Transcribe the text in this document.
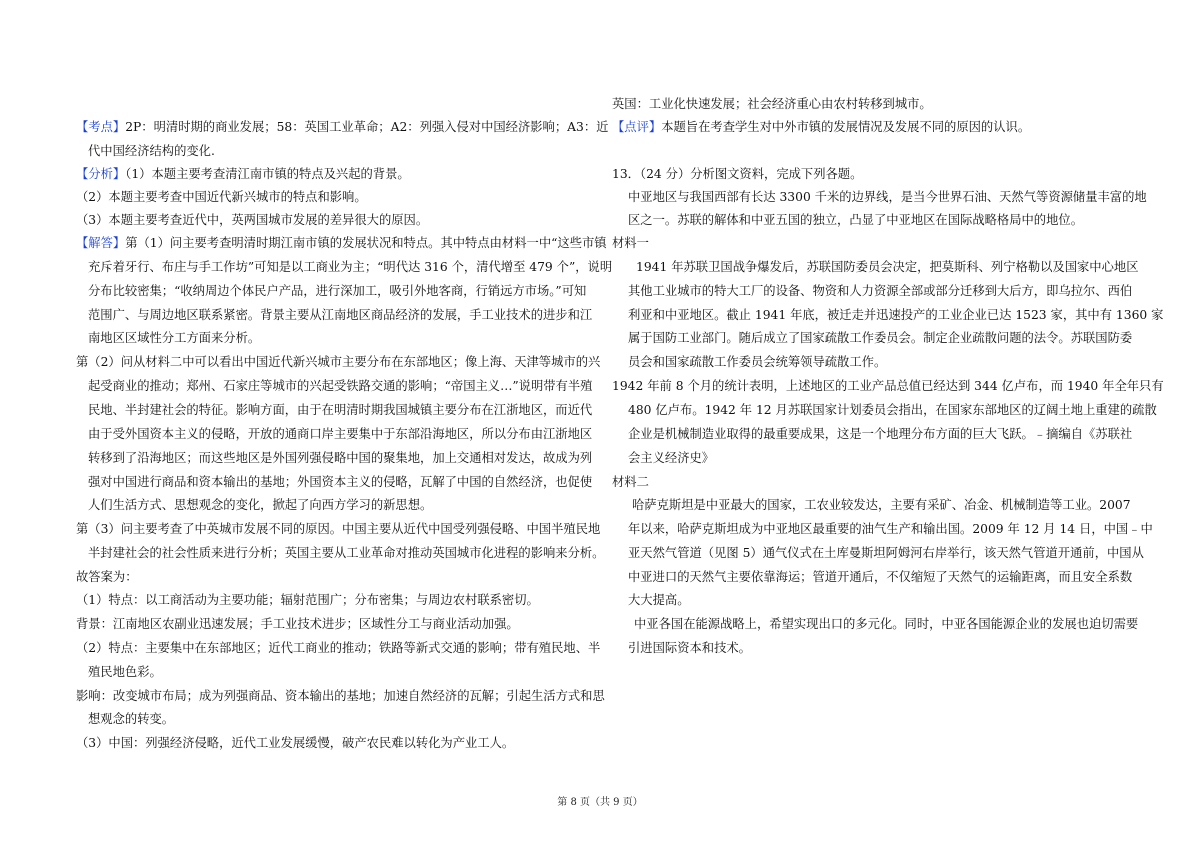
【考点】2P：明清时期的商业发展；58：英国工业革命；A2：列强入侵对中国经济影响；A3：近
代中国经济结构的变化.
【分析】（1）本题主要考查清江南市镇的特点及兴起的背景。
（2）本题主要考查中国近代新兴城市的特点和影响。
（3）本题主要考查近代中，英两国城市发展的差异很大的原因。
【解答】第（1）问主要考查明清时期江南市镇的发展状况和特点。其中特点由材料一中“这些市镇
充斥着牙行、布庄与手工作坊”可知是以工商业为主；“明代达 316 个，清代增至 479 个”，说明
分布比较密集；“收纳周边个体民户产品，进行深加工，吸引外地客商，行销远方市场。”可知
范围广、与周边地区联系紧密。背景主要从江南地区商品经济的发展，手工业技术的进步和江
南地区区域性分工方面来分析。
第（2）问从材料二中可以看出中国近代新兴城市主要分布在东部地区；像上海、天津等城市的兴
起受商业的推动；郑州、石家庄等城市的兴起受铁路交通的影响；“帝国主义…”说明带有半殖
民地、半封建社会的特征。影响方面，由于在明清时期我国城镇主要分布在江浙地区，而近代
由于受外国资本主义的侵略，开放的通商口岸主要集中于东部沿海地区，所以分布由江浙地区
转移到了沿海地区；而这些地区是外国列强侵略中国的聚集地，加上交通相对发达，故成为列
强对中国进行商品和资本输出的基地；外国资本主义的侵略，瓦解了中国的自然经济，也促使
人们生活方式、思想观念的变化，掀起了向西方学习的新思想。
第（3）问主要考查了中英城市发展不同的原因。中国主要从近代中国受列强侵略、中国半殖民地
半封建社会的社会性质来进行分析；英国主要从工业革命对推动英国城市化进程的影响来分析。
故答案为：
（1）特点：以工商活动为主要功能；辐射范围广；分布密集；与周边农村联系密切。
背景：江南地区农副业迅速发展；手工业技术进步；区域性分工与商业活动加强。
（2）特点：主要集中在东部地区；近代工商业的推动；铁路等新式交通的影响；带有殖民地、半
殖民地色彩。
影响：改变城市布局；成为列强商品、资本输出的基地；加速自然经济的瓦解；引起生活方式和思
想观念的转变。
（3）中国：列强经济侵略，近代工业发展缓慢，破产农民难以转化为产业工人。
英国：工业化快速发展；社会经济重心由农村转移到城市。
【点评】本题旨在考查学生对中外市镇的发展情况及发展不同的原因的认识。
13．（24 分）分析图文资料，完成下列各题。
中亚地区与我国西部有长达 3300 千米的边界线，是当今世界石油、天然气等资源储量丰富的地
区之一。苏联的解体和中亚五国的独立，凸显了中亚地区在国际战略格局中的地位。
材料一
1941 年苏联卫国战争爆发后，苏联国防委员会决定，把莫斯科、列宁格勒以及国家中心地区
其他工业城市的特大工厂的设备、物资和人力资源全部或部分迁移到大后方，即乌拉尔、西伯
利亚和中亚地区。截止 1941 年底，被迁走并迅速投产的工业企业已达 1523 家，其中有 1360 家
属于国防工业部门。随后成立了国家疏散工作委员会。制定企业疏散问题的法令。苏联国防委
员会和国家疏散工作委员会统筹领导疏散工作。
1942 年前 8 个月的统计表明，上述地区的工业产品总值已经达到 344 亿卢布，而 1940 年全年只有
480 亿卢布。1942 年 12 月苏联国家计划委员会指出，在国家东部地区的辽阔土地上重建的疏散
企业是机械制造业取得的最重要成果，这是一个地理分布方面的巨大飞跃。﹣摘编自《苏联社
会主义经济史》
材料二
哈萨克斯坦是中亚最大的国家，工农业较发达，主要有采矿、冶金、机械制造等工业。2007
年以来，哈萨克斯坦成为中亚地区最重要的油气生产和输出国。2009 年 12 月 14 日，中国﹣中
亚天然气管道（见图 5）通气仪式在土库曼斯坦阿姆河右岸举行，该天然气管道开通前，中国从
中亚进口的天然气主要依靠海运；管道开通后，不仅缩短了天然气的运输距离，而且安全系数
大大提高。
中亚各国在能源战略上，希望实现出口的多元化。同时，中亚各国能源企业的发展也迫切需要
引进国际资本和技术。
第 8 页（共 9 页）
